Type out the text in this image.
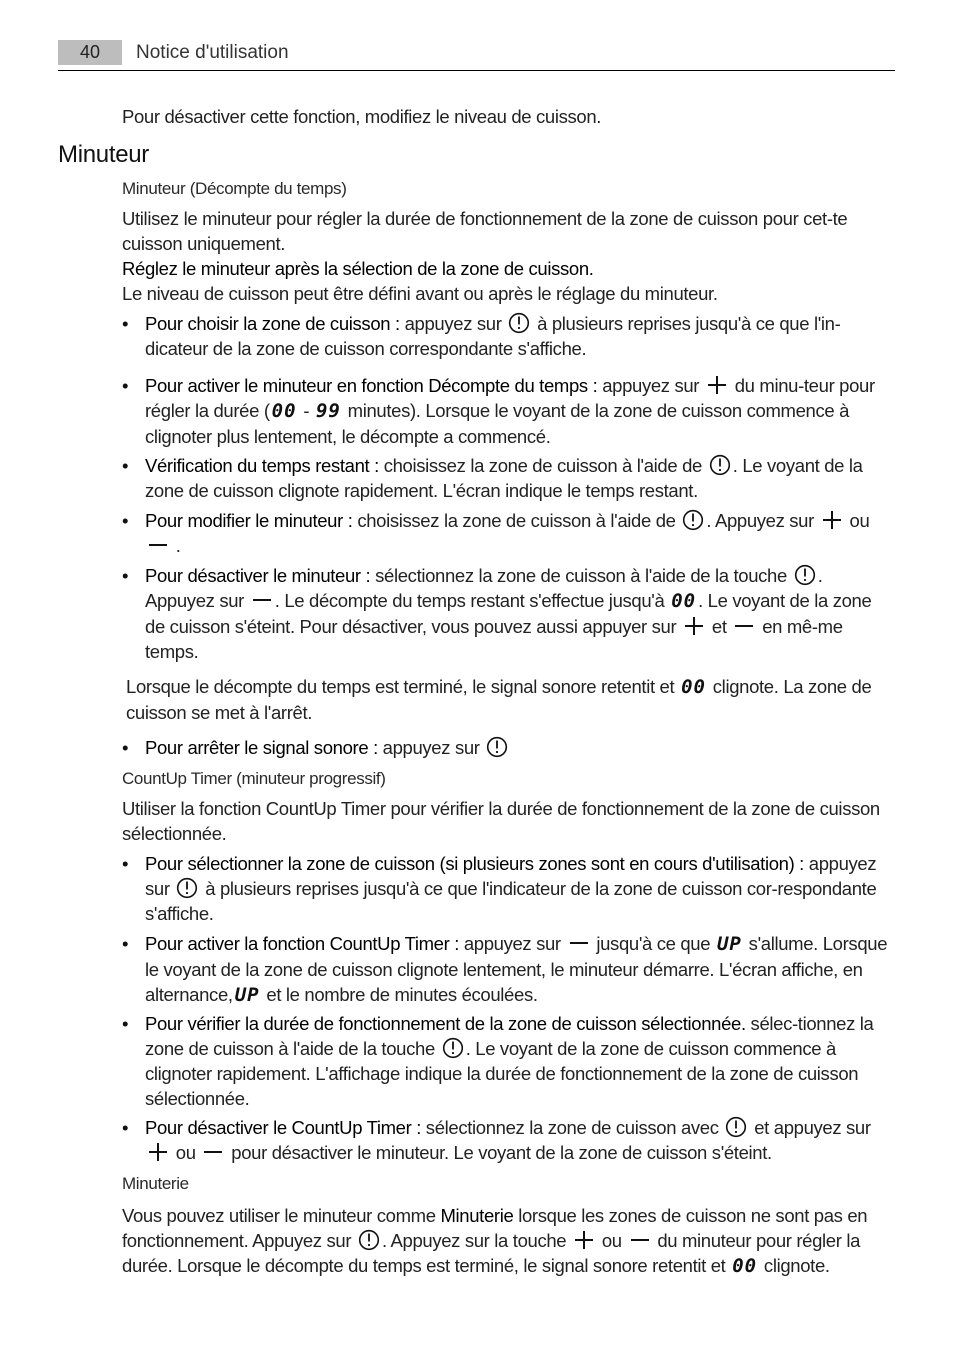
40	Notice d'utilisation
Pour désactiver cette fonction, modifiez le niveau de cuisson.
Minuteur
Minuteur (Décompte du temps)
Utilisez le minuteur pour régler la durée de fonctionnement de la zone de cuisson pour cet-te cuisson uniquement.
Réglez le minuteur après la sélection de la zone de cuisson.
Le niveau de cuisson peut être défini avant ou après le réglage du minuteur.
• Pour choisir la zone de cuisson : appuyez sur à plusieurs reprises jusqu'à ce que l'in-dicateur de la zone de cuisson correspondante s'affiche.
• Pour activer le minuteur en fonction Décompte du temps : appuyez sur du minu-teur pour régler la durée ( 00 - 99 minutes). Lorsque le voyant de la zone de cuisson commence à clignoter plus lentement, le décompte a commencé.
• Vérification du temps restant : choisissez la zone de cuisson à l'aide de . Le voyant de la zone de cuisson clignote rapidement. L'écran indique le temps restant.
• Pour modifier le minuteur : choisissez la zone de cuisson à l'aide de . Appuyez sur ou
.
• Pour désactiver le minuteur : sélectionnez la zone de cuisson à l'aide de la touche . Appuyez sur . Le décompte du temps restant s'effectue jusqu'à 00 . Le voyant de la zone de cuisson s'éteint. Pour désactiver, vous pouvez aussi appuyer sur et en mê-me temps.
Lorsque le décompte du temps est terminé, le signal sonore retentit et 00 clignote. La zone de cuisson se met à l'arrêt.
• Pour arrêter le signal sonore : appuyez sur
CountUp Timer (minuteur progressif)
Utiliser la fonction CountUp Timer pour vérifier la durée de fonctionnement de la zone de cuisson sélectionnée.
• Pour sélectionner la zone de cuisson (si plusieurs zones sont en cours d'utilisation) : appuyez sur à plusieurs reprises jusqu'à ce que l'indicateur de la zone de cuisson cor-respondante s'affiche.
• Pour activer la fonction CountUp Timer : appuyez sur jusqu'à ce que UP s'allume. Lorsque le voyant de la zone de cuisson clignote lentement, le minuteur démarre. L'écran affiche, en alternance, UP et le nombre de minutes écoulées.
• Pour vérifier la durée de fonctionnement de la zone de cuisson sélectionnée. sélec-tionnez la zone de cuisson à l'aide de la touche . Le voyant de la zone de cuisson commence à clignoter rapidement. L'affichage indique la durée de fonctionnement de la zone de cuisson sélectionnée.
• Pour désactiver le CountUp Timer : sélectionnez la zone de cuisson avec et appuyez sur
ou pour désactiver le minuteur. Le voyant de la zone de cuisson s'éteint.
Minuterie
Vous pouvez utiliser le minuteur comme Minuterie lorsque les zones de cuisson ne sont pas en fonctionnement. Appuyez sur . Appuyez sur la touche ou du minuteur pour régler la durée. Lorsque le décompte du temps est terminé, le signal sonore retentit et 00 clignote.
